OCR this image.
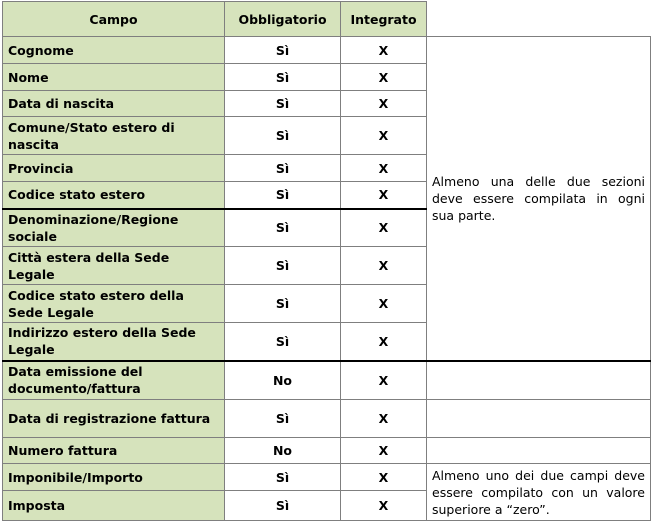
Campo	Obbligatorio	Integrato	
Cognome	Sì	X	Almeno una delle due sezioni deve essere compilata in ogni sua parte.
Nome	Sì	X	
Data di nascita	Sì	X	
Comune/Stato estero di nascita	Sì	X	
Provincia	Sì	X	
Codice stato estero	Sì	X	
Denominazione/Regione sociale	Sì	X	
Città estera della Sede Legale	Sì	X	
Codice stato estero della Sede Legale	Sì	X	
Indirizzo estero della Sede Legale	Sì	X	
Data emissione del documento/fattura	No	X	
Data di registrazione fattura	Sì	X	
Numero fattura	No	X	
Imponibile/Importo	Sì	X	Almeno uno dei due campi deve essere compilato con un valore superiore a “zero”.
Imposta	Sì	X	
